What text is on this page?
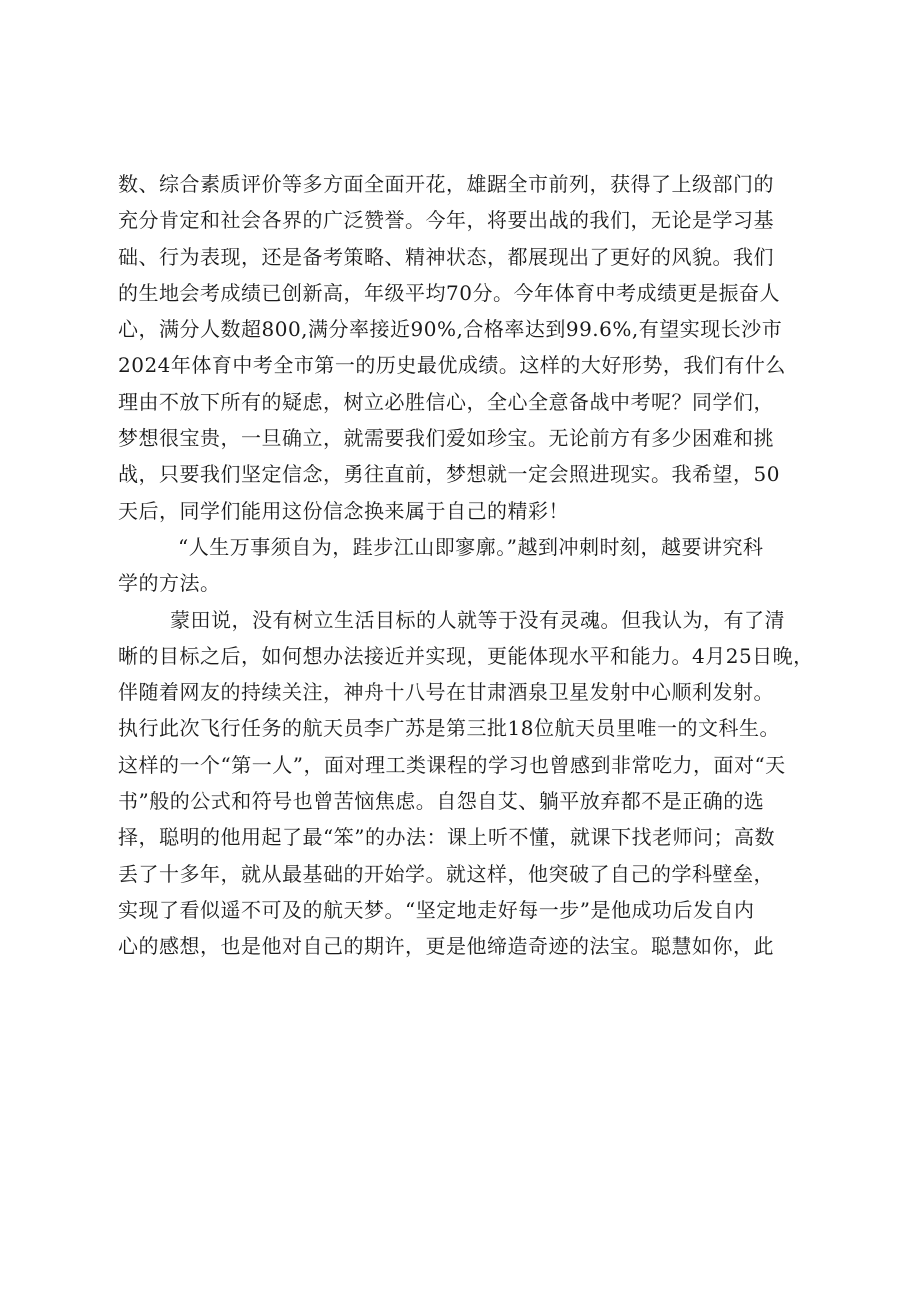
数、综合素质评价等多方面全面开花，雄踞全市前列，获得了上级部门的
充分肯定和社会各界的广泛赞誉。今年，将要出战的我们，无论是学习基
础、行为表现，还是备考策略、精神状态，都展现出了更好的风貌。我们
的生地会考成绩已创新高，年级平均70分。今年体育中考成绩更是振奋人
心，满分人数超800,满分率接近90%,合格率达到99.6%,有望实现长沙市
2024年体育中考全市第一的历史最优成绩。这样的大好形势，我们有什么
理由不放下所有的疑虑，树立必胜信心，全心全意备战中考呢？同学们，
梦想很宝贵，一旦确立，就需要我们爱如珍宝。无论前方有多少困难和挑
战，只要我们坚定信念，勇往直前，梦想就一定会照进现实。我希望，50
天后，同学们能用这份信念换来属于自己的精彩！
“人生万事须自为，跬步江山即寥廓。”越到冲刺时刻，越要讲究科
学的方法。
蒙田说，没有树立生活目标的人就等于没有灵魂。但我认为，有了清
晰的目标之后，如何想办法接近并实现，更能体现水平和能力。4月25日晚，
伴随着网友的持续关注，神舟十八号在甘肃酒泉卫星发射中心顺利发射。
执行此次飞行任务的航天员李广苏是第三批18位航天员里唯一的文科生。
这样的一个“第一人”，面对理工类课程的学习也曾感到非常吃力，面对“天
书”般的公式和符号也曾苦恼焦虑。自怨自艾、躺平放弃都不是正确的选
择，聪明的他用起了最“笨”的办法：课上听不懂，就课下找老师问；高数
丢了十多年，就从最基础的开始学。就这样，他突破了自己的学科壁垒，
实现了看似遥不可及的航天梦。“坚定地走好每一步”是他成功后发自内
心的感想，也是他对自己的期许，更是他缔造奇迹的法宝。聪慧如你，此
